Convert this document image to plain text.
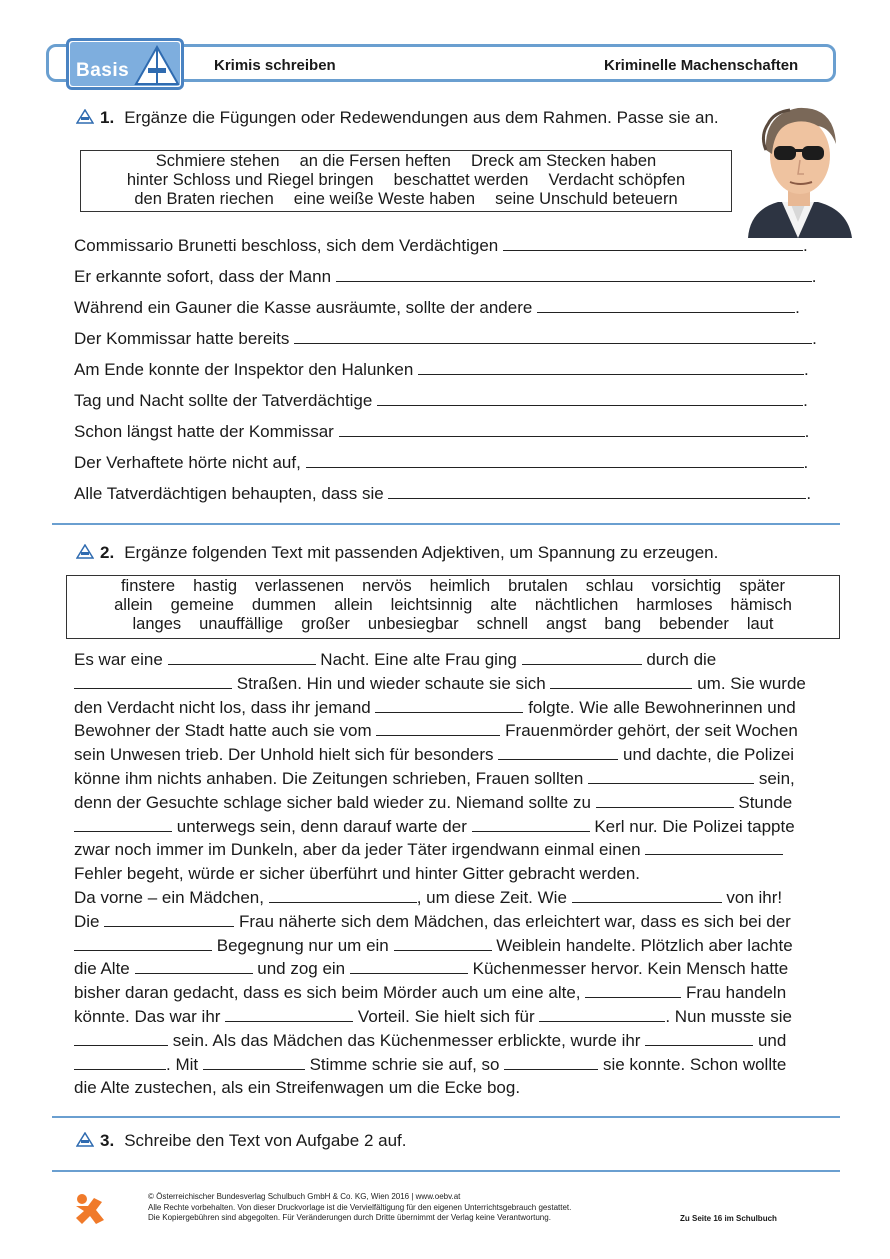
Basis	Krimis schreiben	Kriminelle Machenschaften
1. Ergänze die Fügungen oder Redewendungen aus dem Rahmen. Passe sie an.
Schmiere stehen an die Fersen heften Dreck am Stecken haben
hinter Schloss und Riegel bringen beschattet werden Verdacht schöpfen
den Braten riechen eine weiße Weste haben seine Unschuld beteuern
Commissario Brunetti beschloss, sich dem Verdächtigen	.
Er erkannte sofort, dass der Mann	.
Während ein Gauner die Kasse ausräumte, sollte der andere	.
Der Kommissar hatte bereits	.
Am Ende konnte der Inspektor den Halunken	.
Tag und Nacht sollte der Tatverdächtige	.
Schon längst hatte der Kommissar	.
Der Verhaftete hörte nicht auf,	.
Alle Tatverdächtigen behaupten, dass sie	.
2. Ergänze folgenden Text mit passenden Adjektiven, um Spannung zu erzeugen.
finstere hastig verlassenen nervös heimlich brutalen schlau vorsichtig später
allein gemeine dummen allein leichtsinnig alte nächtlichen harmloses hämisch
langes unauffällige großer unbesiegbar schnell angst bang bebender laut

Es war eine	Nacht. Eine alte Frau ging	durch die

Straßen. Hin und wieder schaute sie sich	um. Sie wurde

den Verdacht nicht los, dass ihr jemand	folgte. Wie alle Bewohnerinnen und

Bewohner der Stadt hatte auch sie vom	Frauenmörder gehört, der seit Wochen

sein Unwesen trieb. Der Unhold hielt sich für besonders	und dachte, die Polizei

könne ihm nichts anhaben. Die Zeitungen schrieben, Frauen sollten	sein,

denn der Gesuchte schlage sicher bald wieder zu. Niemand sollte zu	Stunde

unterwegs sein, denn darauf warte der	Kerl nur. Die Polizei tappte

zwar noch immer im Dunkeln, aber da jeder Täter irgendwann einmal einen

Fehler begeht, würde er sicher überführt und hinter Gitter gebracht werden.

Da vorne – ein Mädchen,	, um diese Zeit. Wie	von ihr!

Die	Frau näherte sich dem Mädchen, das erleichtert war, dass es sich bei der

Begegnung nur um ein	Weiblein handelte. Plötzlich aber lachte

die Alte	und zog ein	Küchenmesser hervor. Kein Mensch hatte

bisher daran gedacht, dass es sich beim Mörder auch um eine alte,	Frau handeln

könnte. Das war ihr	Vorteil. Sie hielt sich für	. Nun musste sie

sein. Als das Mädchen das Küchenmesser erblickte, wurde ihr	und

. Mit	Stimme schrie sie auf, so	sie konnte. Schon wollte

die Alte zustechen, als ein Streifenwagen um die Ecke bog.

3. Schreibe den Text von Aufgabe 2 auf.
© Österreichischer Bundesverlag Schulbuch GmbH & Co. KG, Wien 2016 | www.oebv.at
Alle Rechte vorbehalten. Von dieser Druckvorlage ist die Vervielfältigung für den eigenen Unterrichtsgebrauch gestattet.
Die Kopiergebühren sind abgegolten. Für Veränderungen durch Dritte übernimmt der Verlag keine Verantwortung.	Zu Seite 16 im Schulbuch
